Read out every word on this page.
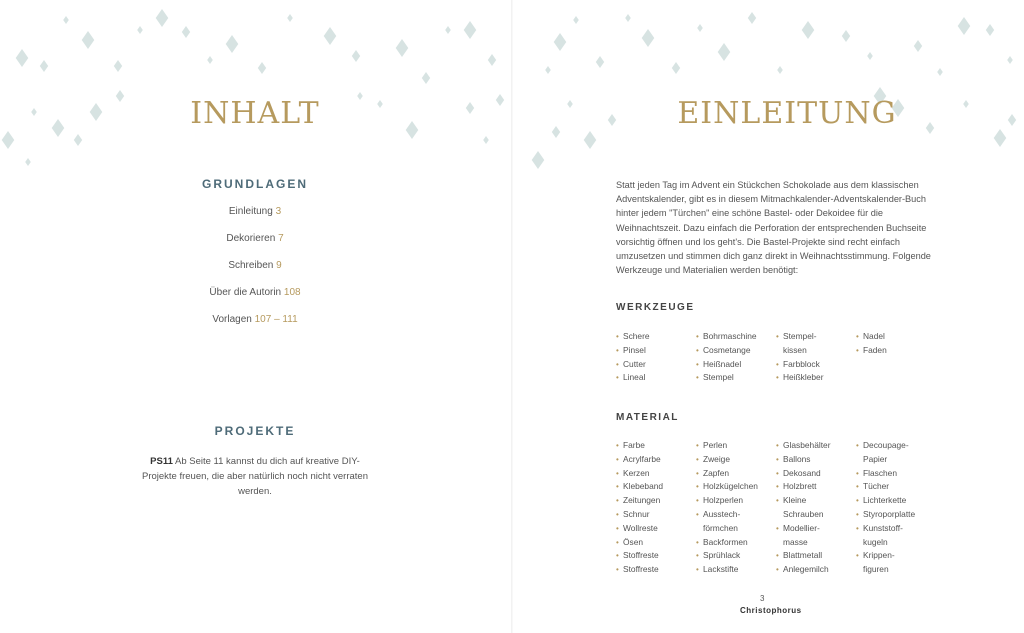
INHALT
GRUNDLAGEN
Einleitung 3
Dekorieren 7
Schreiben 9
Über die Autorin 108
Vorlagen 107 – 111
PROJEKTE

PS11 Ab Seite 11 kannst du dich auf kreative DIY-Projekte freuen, die aber natürlich noch nicht verraten werden.

EINLEITUNG

Statt jeden Tag im Advent ein Stückchen Schokolade aus dem klassischen Adventskalender, gibt es in diesem Mitmachkalender-Adventskalender-Buch hinter jedem "Türchen" eine schöne Bastel- oder Dekoidee für die Weihnachtszeit. Dazu einfach die Perforation der entsprechenden Buchseite vorsichtig öffnen und los geht's. Die Bastel-Projekte sind recht einfach umzusetzen und stimmen dich ganz direkt in Weihnachtsstimmung. Folgende Werkzeuge und Materialien werden benötigt:

WERKZEUGE
• Schere
• Pinsel
• Cutter
• Lineal
• Bohrmaschine
• Cosmetange
• Heißnadel
• Stempel
• Stempel-
kissen
• Farbblock
• Heißkleber
• Nadel
• Faden
MATERIAL
• Farbe
• Acrylfarbe
• Kerzen
• Klebeband
• Zeitungen
• Schnur
• Wollreste
• Ösen
• Stoffreste
• Stoffreste
• Perlen
• Zweige
• Zapfen
• Holzkügelchen
• Holzperlen
• Ausstech-
förmchen
• Backformen
• Sprühlack
• Lackstifte
• Glasbehälter
• Ballons
• Dekosand
• Holzbrett
• Kleine
Schrauben
• Modellier-
masse
• Blattmetall
• Anlegemilch
• Decoupage-
Papier
• Flaschen
• Tücher
• Lichterkette
• Styroporplatte
• Kunststoff-
kugeln
• Krippen-
figuren

3

Christophorus
